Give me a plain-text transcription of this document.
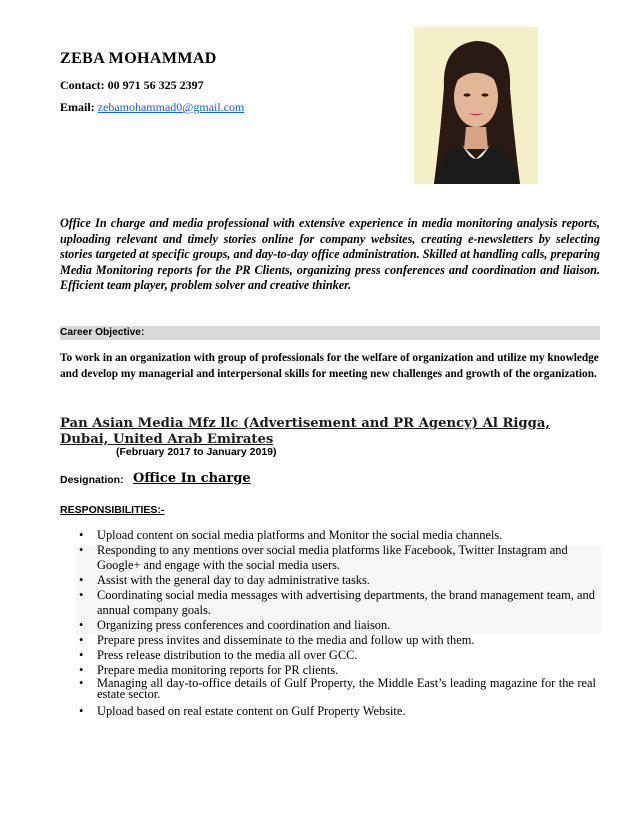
ZEBA MOHAMMAD
Contact: 00 971 56 325 2397
Email: zebamohammad0@gmail.com
Office In charge and media professional with extensive experience in media monitoring analysis reports, uploading relevant and timely stories online for company websites, creating e-newsletters by selecting stories targeted at specific groups, and day-to-day office administration. Skilled at handling calls, preparing Media Monitoring reports for the PR Clients, organizing press conferences and coordination and liaison. Efficient team player, problem solver and creative thinker.
Career Objective:
To work in an organization with group of professionals for the welfare of organization and utilize my knowledge and develop my managerial and interpersonal skills for meeting new challenges and growth of the organization.
Pan Asian Media Mfz llc (Advertisement and PR Agency) Al Rigga, Dubai, United Arab Emirates
(February 2017 to January 2019)
Designation: Office In charge
RESPONSIBILITIES:-
• Upload content on social media platforms and Monitor the social media channels.
• Responding to any mentions over social media platforms like Facebook, Twitter Instagram and Google+ and engage with the social media users.
• Assist with the general day to day administrative tasks.
• Coordinating social media messages with advertising departments, the brand management team, and annual company goals.
• Organizing press conferences and coordination and liaison.
• Prepare press invites and disseminate to the media and follow up with them.
• Press release distribution to the media all over GCC.
• Prepare media monitoring reports for PR clients.
• Managing all day-to-office details of Gulf Property, the Middle East’s leading magazine for the real estate sector.
• Upload based on real estate content on Gulf Property Website.
